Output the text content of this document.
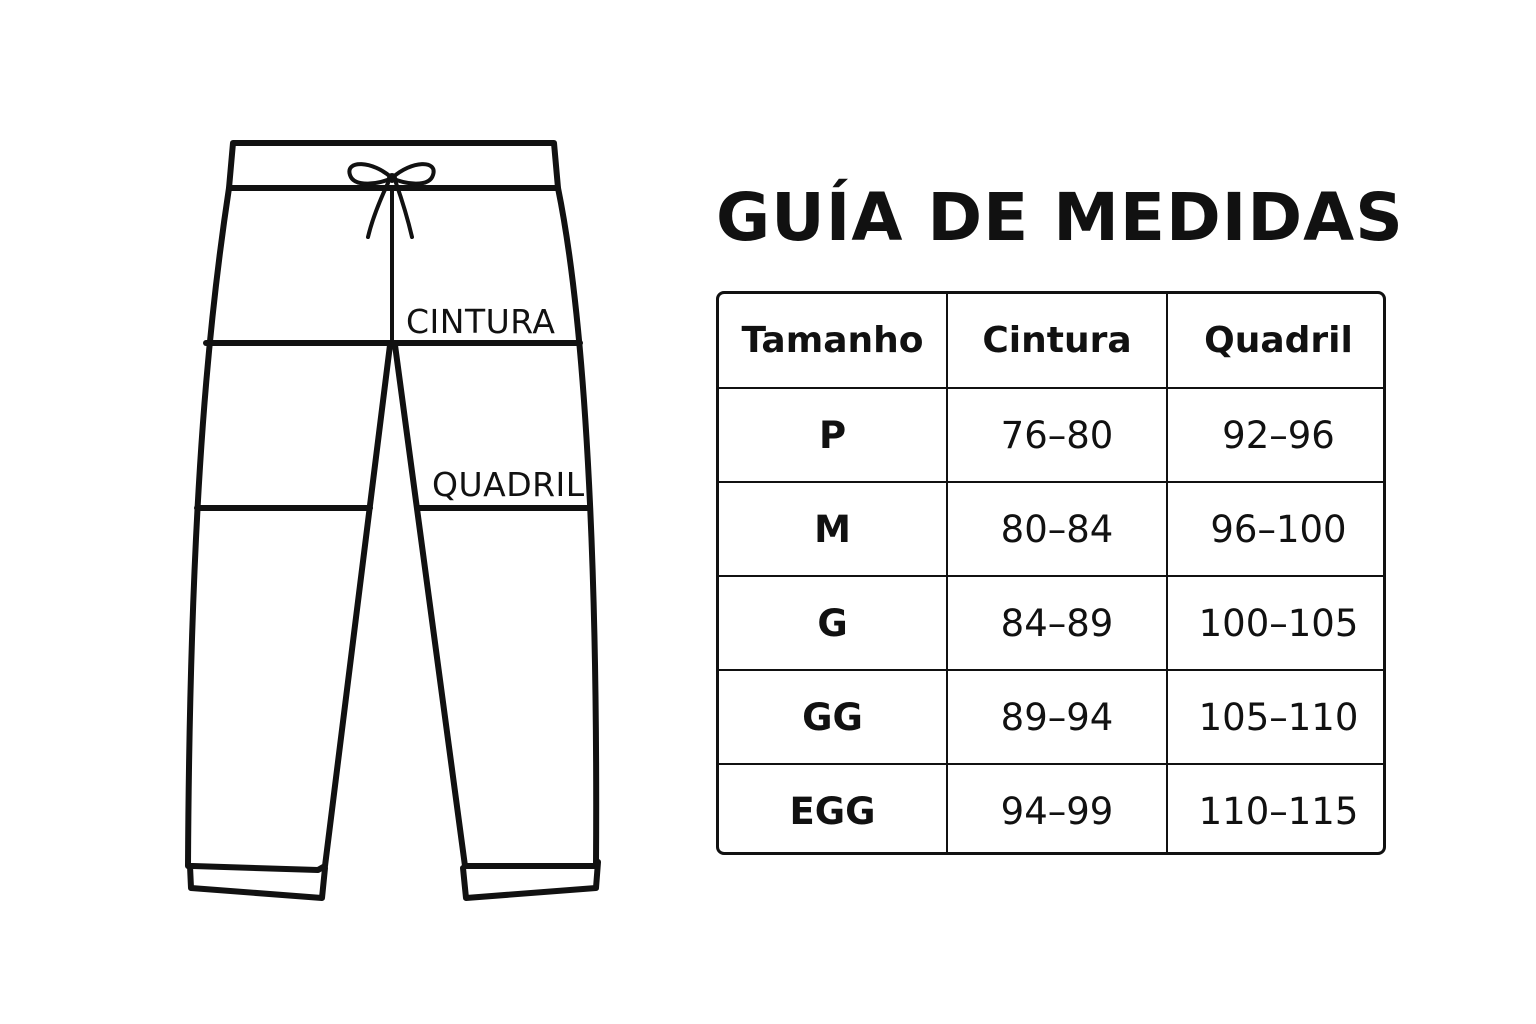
CINTURA
QUADRIL
GUÍA DE MEDIDAS
Tamanho	Cintura	Quadril
P	76–80	92–96
M	80–84	96–100
G	84–89	100–105
GG	89–94	105–110
EGG	94–99	110–115
